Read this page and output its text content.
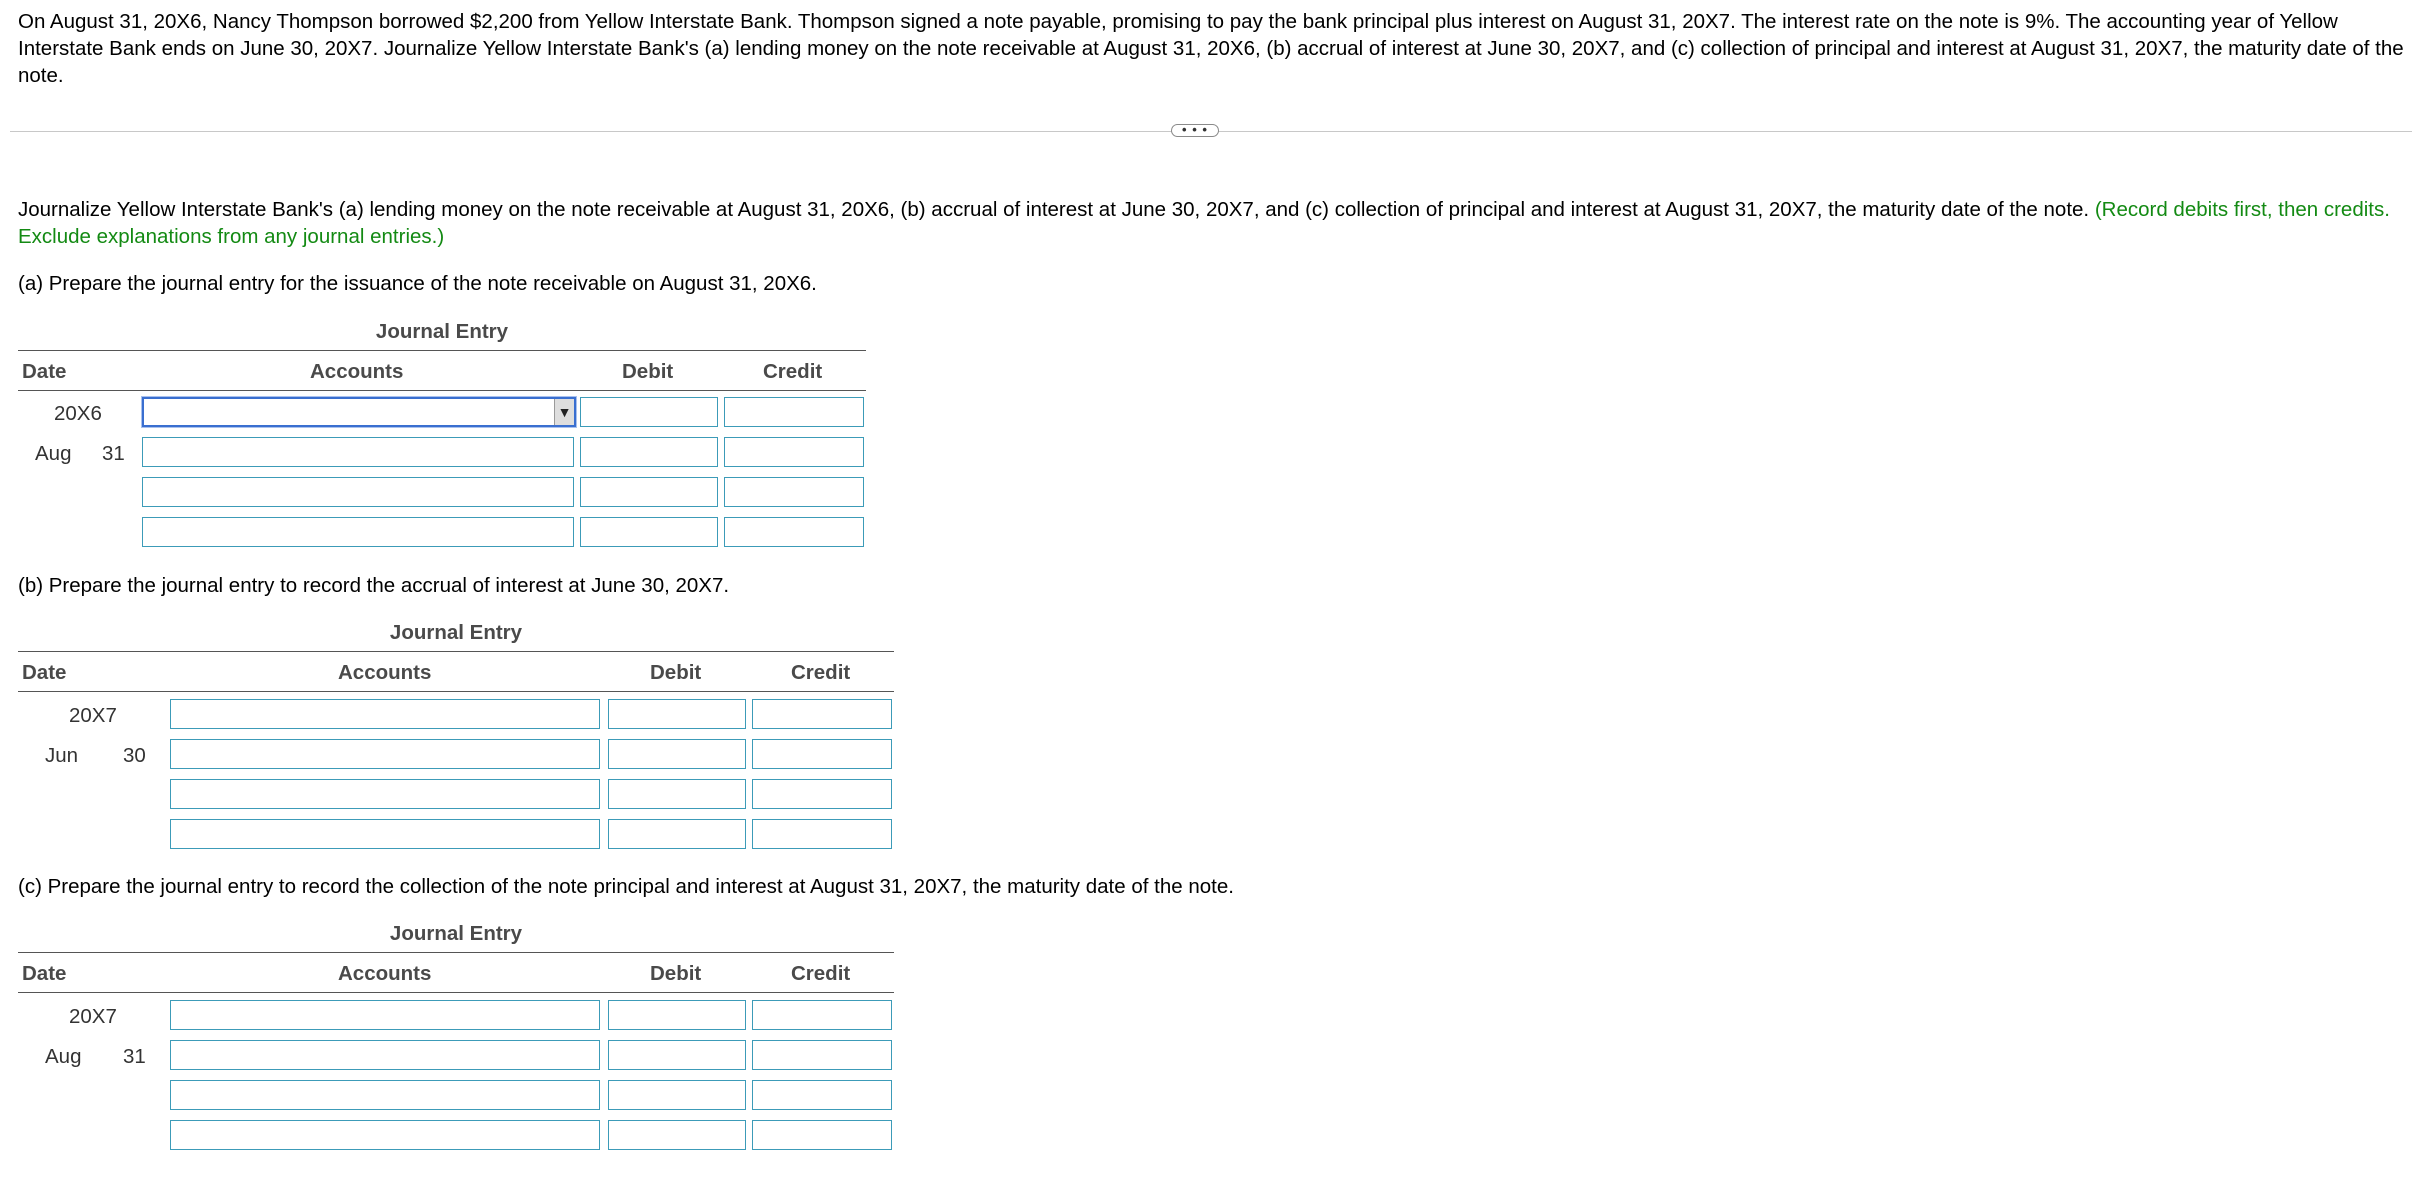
On August 31, 20X6, Nancy Thompson borrowed $2,200 from Yellow Interstate Bank. Thompson signed a note payable, promising to pay the bank principal plus interest on August 31, 20X7. The interest rate on the note is 9%. The accounting year of Yellow Interstate Bank ends on June 30, 20X7. Journalize Yellow Interstate Bank's (a) lending money on the note receivable at August 31, 20X6, (b) accrual of interest at June 30, 20X7, and (c) collection of principal and interest at August 31, 20X7, the maturity date of the note.

• • •

Journalize Yellow Interstate Bank's (a) lending money on the note receivable at August 31, 20X6, (b) accrual of interest at June 30, 20X7, and (c) collection of principal and interest at August 31, 20X7, the maturity date of the note. (Record debits first, then credits. Exclude explanations from any journal entries.)

(a) Prepare the journal entry for the issuance of the note receivable on August 31, 20X6.

Journal Entry
Date	Accounts	Debit	Credit
20X6
Aug 31
▼

(b) Prepare the journal entry to record the accrual of interest at June 30, 20X7.

Journal Entry
Date	Accounts	Debit	Credit
20X7
Jun 30

(c) Prepare the journal entry to record the collection of the note principal and interest at August 31, 20X7, the maturity date of the note.

Journal Entry
Date	Accounts	Debit	Credit
20X7
Aug 31
